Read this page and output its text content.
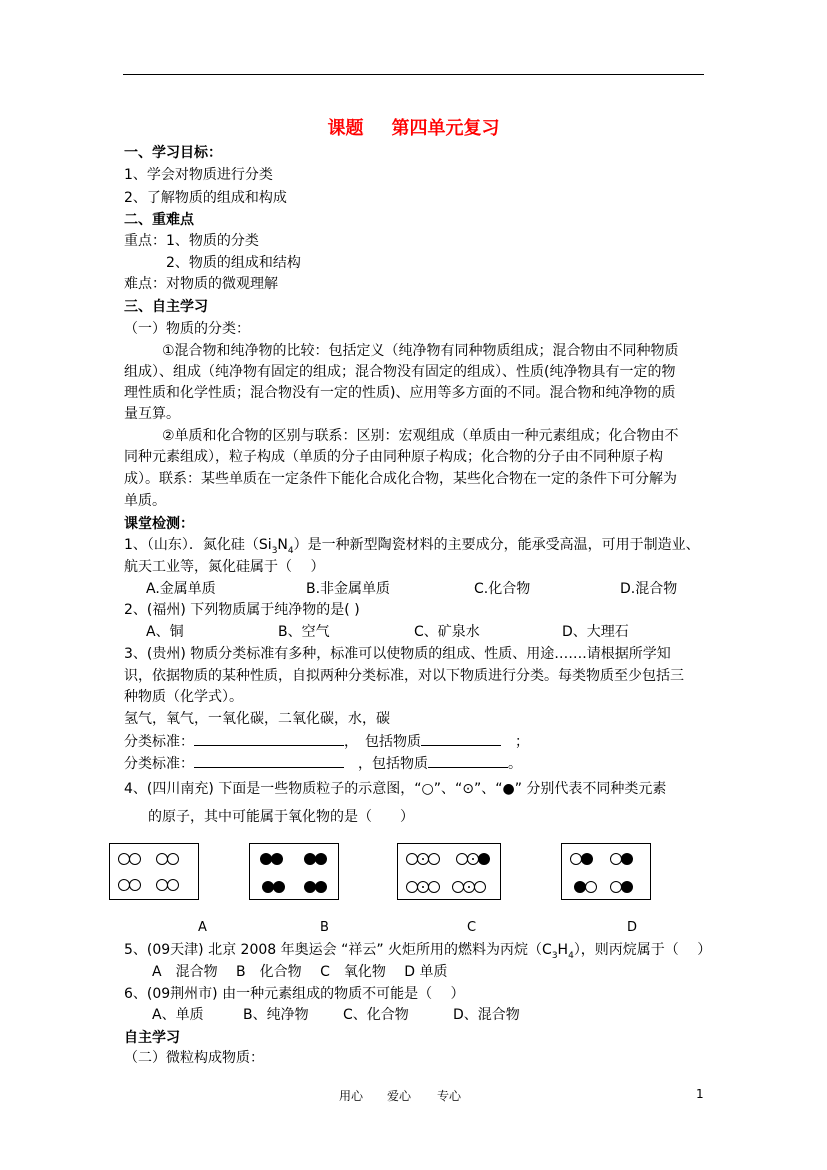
课题 第四单元复习
一、学习目标：
1、学会对物质进行分类
2、了解物质的组成和构成
二、重难点
重点：1、物质的分类
2、物质的组成和结构
难点：对物质的微观理解
三、自主学习
（一）物质的分类：
①混合物和纯净物的比较：包括定义（纯净物有同种物质组成；混合物由不同种物质
组成）、组成（纯净物有固定的组成；混合物没有固定的组成）、性质(纯净物具有一定的物
理性质和化学性质；混合物没有一定的性质)、应用等多方面的不同。混合物和纯净物的质
量互算。
②单质和化合物的区别与联系：区别：宏观组成（单质由一种元素组成；化合物由不
同种元素组成），粒子构成（单质的分子由同种原子构成；化合物的分子由不同种原子构
成）。联系：某些单质在一定条件下能化合成化合物，某些化合物在一定的条件下可分解为
单质。
课堂检测：
1、（山东）．氮化硅$(Si_3N_4)$是一种新型陶瓷材料的主要成分，能承受高温，可用于制造业、
航天工业等，氮化硅属于（　 ）
A.金属单质	B.非金属单质	C.化合物	D.混合物
2、(福州) 下列物质属于纯净物的是( )
A、铜	B、空气	C、矿泉水	D、大理石
3、(贵州) 物质分类标准有多种，标准可以使物质的组成、性质、用途…….请根据所学知
识，依据物质的某种性质，自拟两种分类标准，对以下物质进行分类。每类物质至少包括三
种物质（化学式）。
氢气，氧气，一氧化碳，二氧化碳，水，碳
分类标准：	，　包括物质　	；
分类标准：	　，包括物质	。
4、(四川南充) 下面是一些物质粒子的示意图，“○”、“⊙”、“●” 分别代表不同种类元素
的原子，其中可能属于氧化物的是（　　）
A	B	C	D
5、(09天津) 北京 2008 年奥运会 “祥云” 火炬所用的燃料为丙烷$(C_3H_4)$，则丙烷属于（　 ）
A　混合物　 B　化合物　 C　氧化物　 D 单质
6、(09荆州市) 由一种元素组成的物质不可能是（　 ）
A、单质	B、纯净物 C、化合物	D、混合物
自主学习
（二）微粒构成物质：
用心 爱心 专心	1
